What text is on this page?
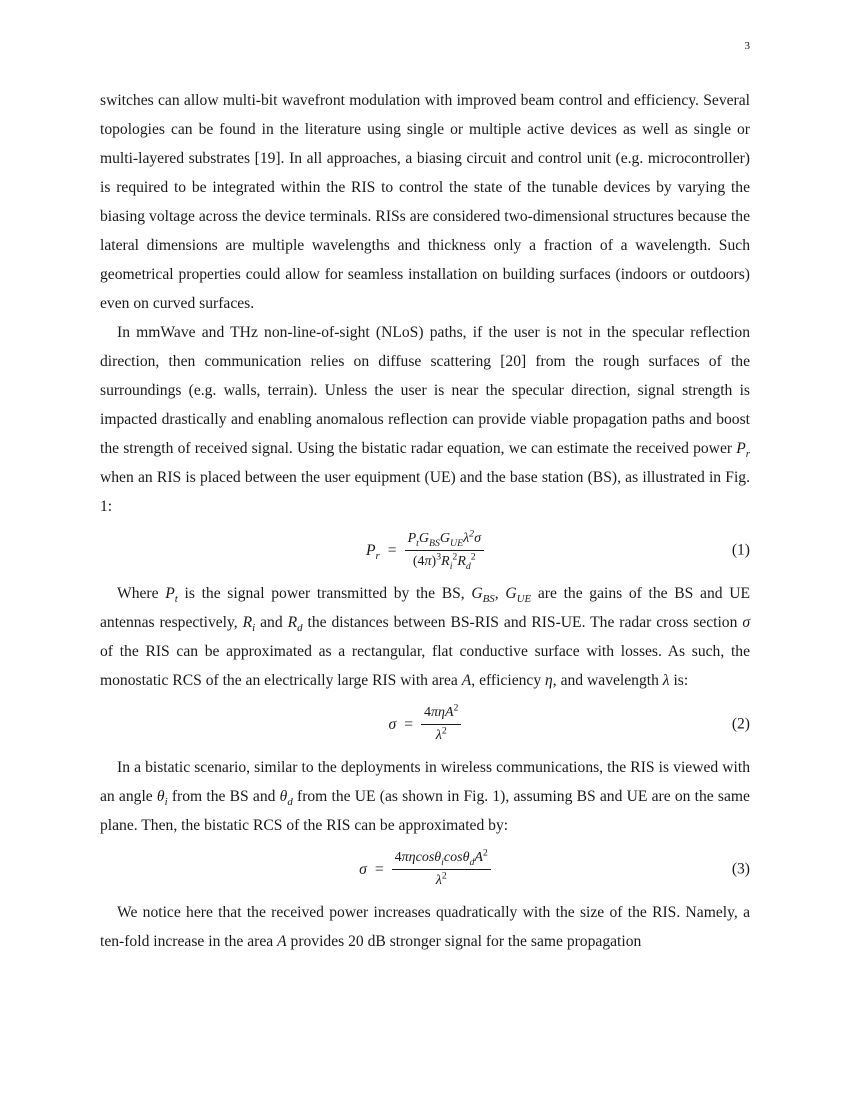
3

switches can allow multi-bit wavefront modulation with improved beam control and efficiency. Several topologies can be found in the literature using single or multiple active devices as well as single or multi-layered substrates [19]. In all approaches, a biasing circuit and control unit (e.g. microcontroller) is required to be integrated within the RIS to control the state of the tunable devices by varying the biasing voltage across the device terminals. RISs are considered two-dimensional structures because the lateral dimensions are multiple wavelengths and thickness only a fraction of a wavelength. Such geometrical properties could allow for seamless installation on building surfaces (indoors or outdoors) even on curved surfaces.

In mmWave and THz non-line-of-sight (NLoS) paths, if the user is not in the specular reflection direction, then communication relies on diffuse scattering [20] from the rough surfaces of the surroundings (e.g. walls, terrain). Unless the user is near the specular direction, signal strength is impacted drastically and enabling anomalous reflection can provide viable propagation paths and boost the strength of received signal. Using the bistatic radar equation, we can estimate the received power $P_r$ when an RIS is placed between the user equipment (UE) and the base station (BS), as illustrated in Fig. 1:

$P_r = \frac{P_tG_{BS}G_{UE}\lambda^2\sigma}{(4\pi)^3R_i^2R_d^2}$	(1)

Where $P_t$ is the signal power transmitted by the BS, $G_{BS}$, $G_{UE}$ are the gains of the BS and UE antennas respectively, $R_i$ and $R_d$ the distances between BS-RIS and RIS-UE. The radar cross section σ of the RIS can be approximated as a rectangular, flat conductive surface with losses. As such, the monostatic RCS of the an electrically large RIS with area A, efficiency η, and wavelength λ is:

$\sigma = \frac{4\pi\eta A^2}{\lambda^2}$	(2)

In a bistatic scenario, similar to the deployments in wireless communications, the RIS is viewed with an angle $\theta_i$ from the BS and $\theta_d$ from the UE (as shown in Fig. 1), assuming BS and UE are on the same plane. Then, the bistatic RCS of the RIS can be approximated by:

$\sigma = \frac{4\pi\eta\cos\theta_i\cos\theta_dA^2}{\lambda^2}$	(3)

We notice here that the received power increases quadratically with the size of the RIS. Namely, a ten-fold increase in the area A provides 20 dB stronger signal for the same propagation
